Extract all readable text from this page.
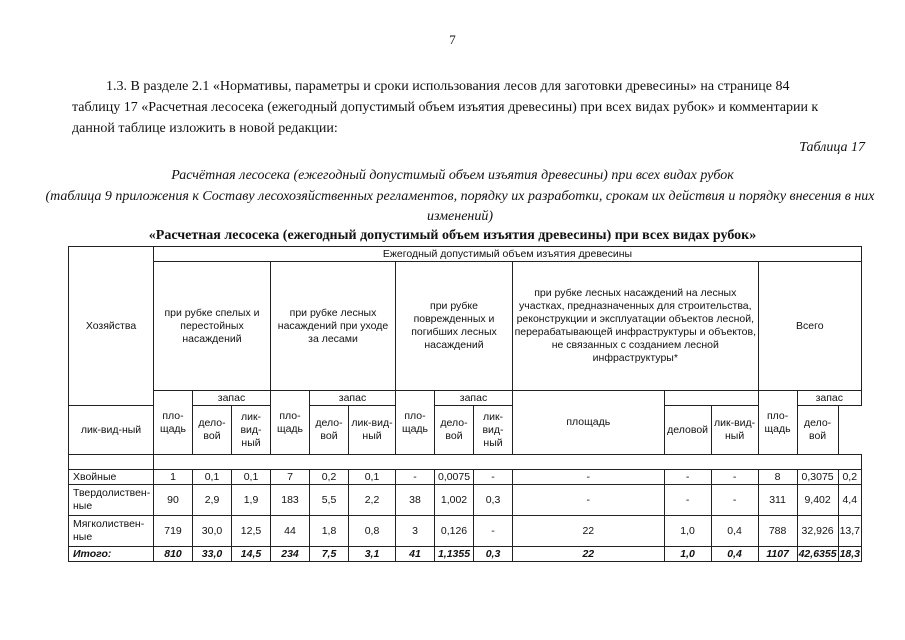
7
1.3. В разделе 2.1 «Нормативы, параметры и сроки использования лесов для заготовки древесины» на странице 84
таблицу 17 «Расчетная лесосека (ежегодный допустимый объем изъятия древесины) при всех видах рубок» и комментарии к
данной таблице изложить в новой редакции:
Таблица 17
Расчётная лесосека (ежегодный допустимый объем изъятия древесины) при всех видах рубок
(таблица 9 приложения к Составу лесохозяйственных регламентов, порядку их разработки, срокам их действия и порядку внесения в них изменений)
«Расчетная лесосека (ежегодный допустимый объем изъятия древесины) при всех видах рубок»
Хозяйства	Ежегодный допустимый объем изъятия древесины														
	при рубке спелых и перестойных насаждений			при рубке лесных насаждений при уходе за лесами			при рубке поврежденных и погибших лесных насаждений			при рубке лесных насаждений на лесных участках, предназначенных для строительства, реконструкции и эксплуатации объектов лесной, перерабатывающей инфраструктуры и объектов, не связанных с созданием лесной инфраструктуры*			Всего		
	пло-щадь	запас		пло-щадь	запас		пло-щадь	запас		площадь			пло-щадь	запас	
лик-вид-ный		дело-вой	лик-вид-ный		дело-вой	лик-вид-ный		дело-вой	лик-вид-ный		деловой	лик-вид-ный		дело-вой	

Хвойные	1	0,1	0,1	7	0,2	0,1	-	0,0075	-	-	-	-	8	0,3075	0,2
Твердолиствен-ные	90	2,9	1,9	183	5,5	2,2	38	1,002	0,3	-	-	-	311	9,402	4,4
Мягколиствен-ные	719	30,0	12,5	44	1,8	0,8	3	0,126	-	22	1,0	0,4	788	32,926	13,7
Итого:	810	33,0	14,5	234	7,5	3,1	41	1,1355	0,3	22	1,0	0,4	1107	42,6355	18,3
